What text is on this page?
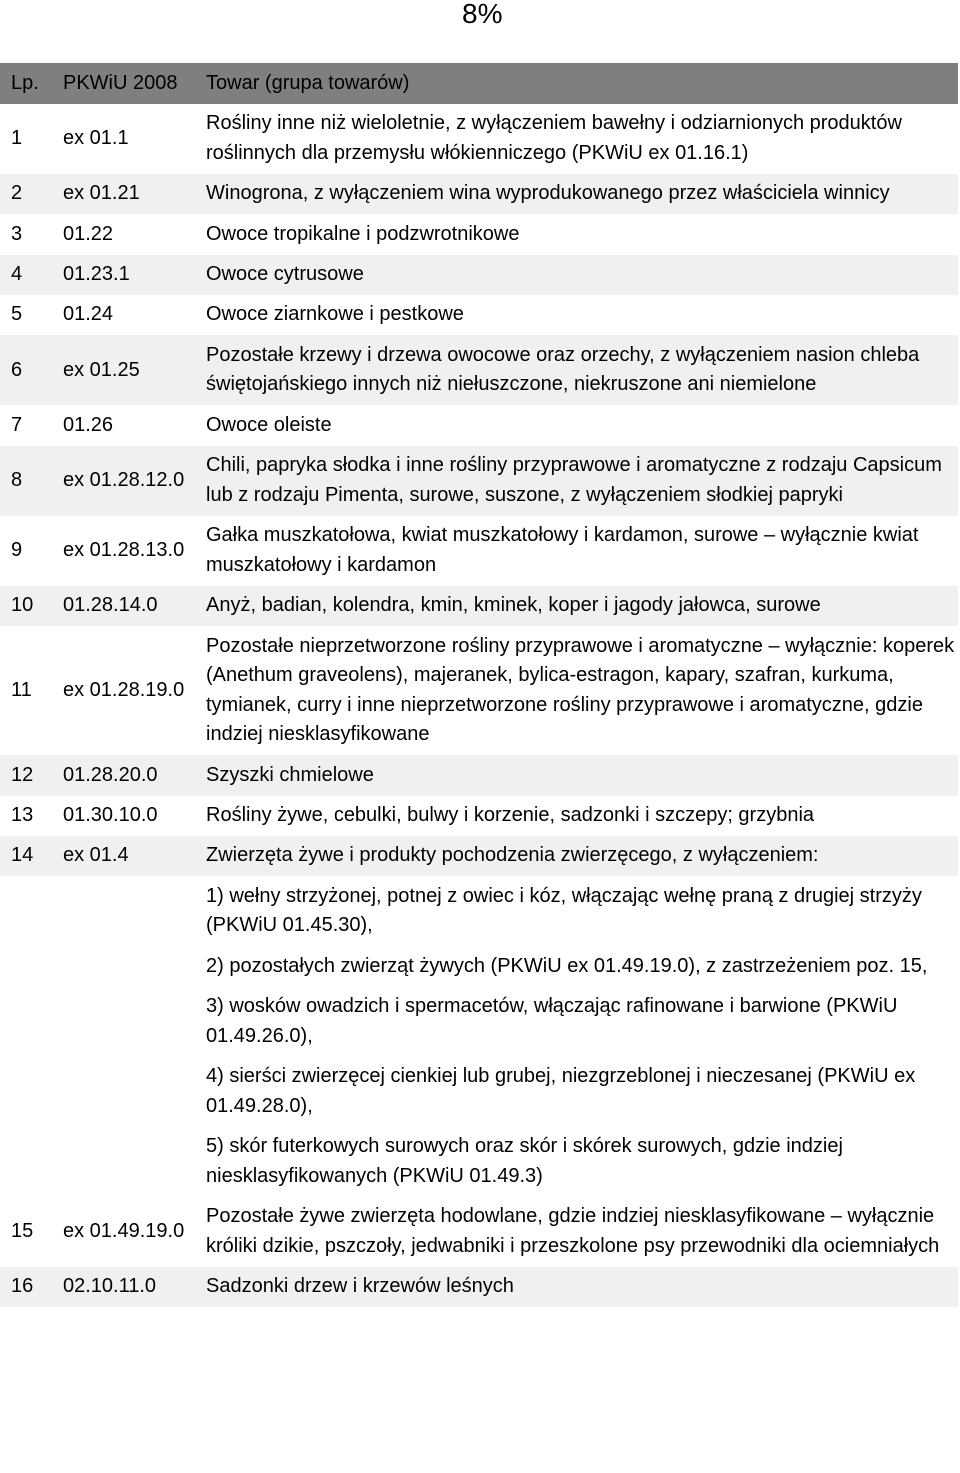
8%
Lp.	PKWiU 2008	Towar (grupa towarów)
1	ex 01.1	Rośliny inne niż wieloletnie, z wyłączeniem bawełny i odziarnionych produktów roślinnych dla przemysłu włókienniczego (PKWiU ex 01.16.1)
2	ex 01.21	Winogrona, z wyłączeniem wina wyprodukowanego przez właściciela winnicy
3	01.22	Owoce tropikalne i podzwrotnikowe
4	01.23.1	Owoce cytrusowe
5	01.24	Owoce ziarnkowe i pestkowe
6	ex 01.25	Pozostałe krzewy i drzewa owocowe oraz orzechy, z wyłączeniem nasion chleba świętojańskiego innych niż niełuszczone, niekruszone ani niemielone
7	01.26	Owoce oleiste
8	ex 01.28.12.0	Chili, papryka słodka i inne rośliny przyprawowe i aromatyczne z rodzaju Capsicum lub z rodzaju Pimenta, surowe, suszone, z wyłączeniem słodkiej papryki
9	ex 01.28.13.0	Gałka muszkatołowa, kwiat muszkatołowy i kardamon, surowe – wyłącznie kwiat muszkatołowy i kardamon
10	01.28.14.0	Anyż, badian, kolendra, kmin, kminek, koper i jagody jałowca, surowe
11	ex 01.28.19.0	Pozostałe nieprzetworzone rośliny przyprawowe i aromatyczne – wyłącznie: koperek (Anethum graveolens), majeranek, bylica-estragon, kapary, szafran, kurkuma, tymianek, curry i inne nieprzetworzone rośliny przyprawowe i aromatyczne, gdzie indziej niesklasyfikowane
12	01.28.20.0	Szyszki chmielowe
13	01.30.10.0	Rośliny żywe, cebulki, bulwy i korzenie, sadzonki i szczepy; grzybnia
14	ex 01.4	Zwierzęta żywe i produkty pochodzenia zwierzęcego, z wyłączeniem:
		1) wełny strzyżonej, potnej z owiec i kóz, włączając wełnę praną z drugiej strzyży (PKWiU 01.45.30),
		2) pozostałych zwierząt żywych (PKWiU ex 01.49.19.0), z zastrzeżeniem poz. 15,
		3) wosków owadzich i spermacetów, włączając rafinowane i barwione (PKWiU 01.49.26.0),
		4) sierści zwierzęcej cienkiej lub grubej, niezgrzeblonej i nieczesanej (PKWiU ex 01.49.28.0),
		5) skór futerkowych surowych oraz skór i skórek surowych, gdzie indziej niesklasyfikowanych (PKWiU 01.49.3)
15	ex 01.49.19.0	Pozostałe żywe zwierzęta hodowlane, gdzie indziej niesklasyfikowane – wyłącznie króliki dzikie, pszczoły, jedwabniki i przeszkolone psy przewodniki dla ociemniałych
16	02.10.11.0	Sadzonki drzew i krzewów leśnych
